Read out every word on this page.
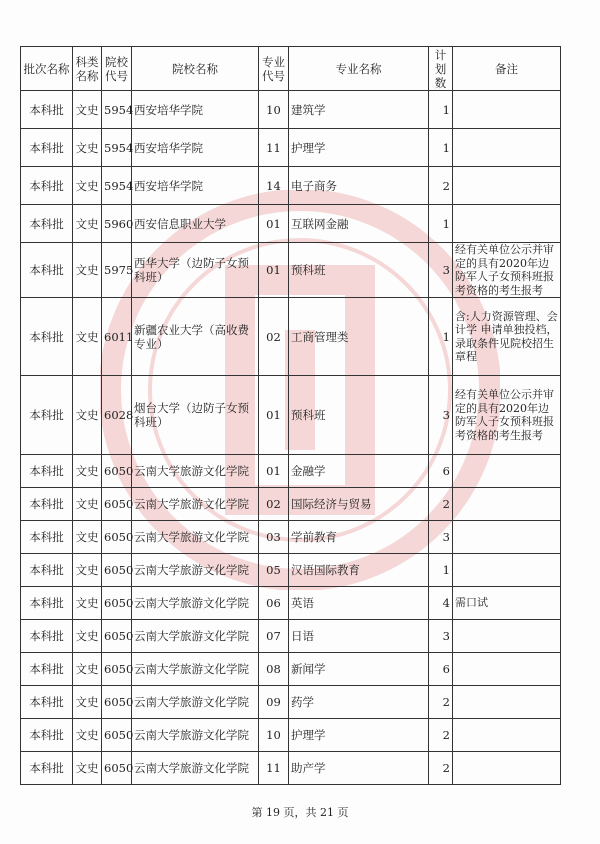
批次名称	科类名称	院校代号	院校名称	专业代号	专业名称	计划数	备注
本科批	文史	5954	西安培华学院	10	建筑学	1	
本科批	文史	5954	西安培华学院	11	护理学	1	
本科批	文史	5954	西安培华学院	14	电子商务	2	
本科批	文史	5960	西安信息职业大学	01	互联网金融	1	
本科批	文史	5975	西华大学（边防子女预科班）	01	预科班	3	经有关单位公示并审定的具有2020年边防军人子女预科班报考资格的考生报考
本科批	文史	6011	新疆农业大学（高收费专业）	02	工商管理类	1	含:人力资源管理、会计学 申请单独投档，录取条件见院校招生章程
本科批	文史	6028	烟台大学（边防子女预科班）	01	预科班	3	经有关单位公示并审定的具有2020年边防军人子女预科班报考资格的考生报考
本科批	文史	6050	云南大学旅游文化学院	01	金融学	6	
本科批	文史	6050	云南大学旅游文化学院	02	国际经济与贸易	2	
本科批	文史	6050	云南大学旅游文化学院	03	学前教育	3	
本科批	文史	6050	云南大学旅游文化学院	05	汉语国际教育	1	
本科批	文史	6050	云南大学旅游文化学院	06	英语	4	需口试
本科批	文史	6050	云南大学旅游文化学院	07	日语	3	
本科批	文史	6050	云南大学旅游文化学院	08	新闻学	6	
本科批	文史	6050	云南大学旅游文化学院	09	药学	2	
本科批	文史	6050	云南大学旅游文化学院	10	护理学	2	
本科批	文史	6050	云南大学旅游文化学院	11	助产学	2	
第 19 页，共 21 页
